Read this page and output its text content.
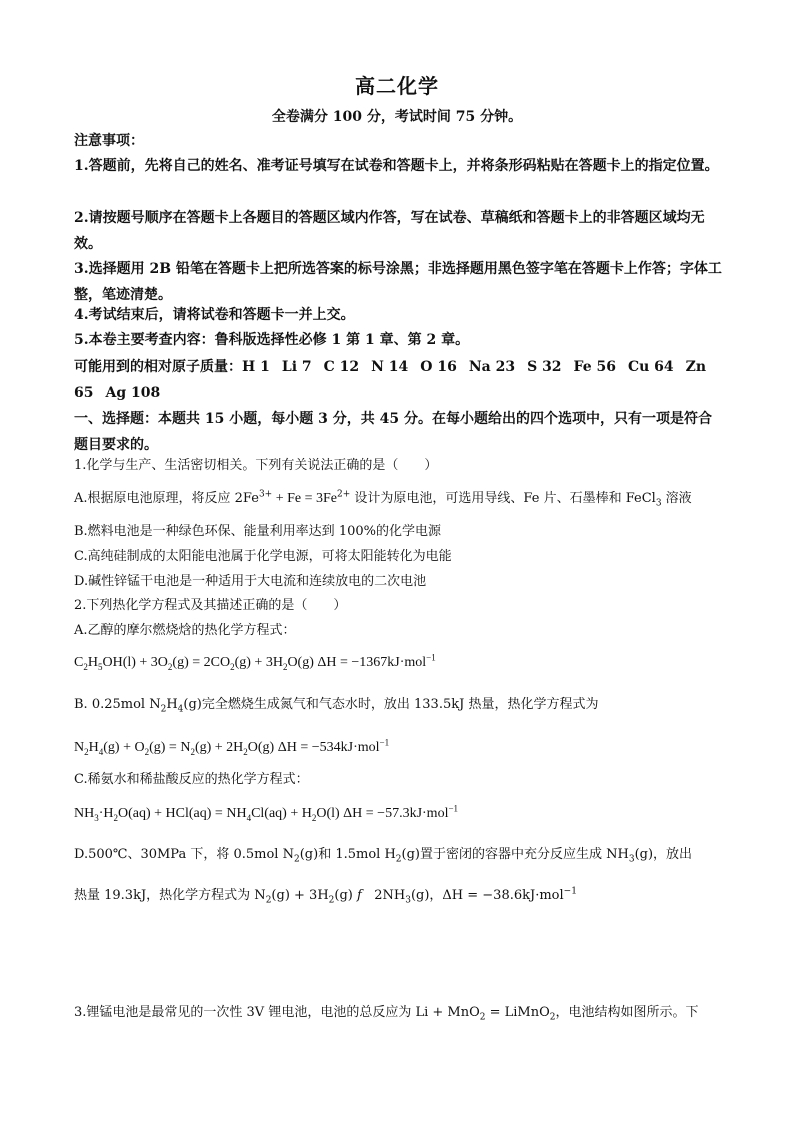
高二化学
全卷满分 100 分，考试时间 75 分钟。
注意事项：
1.答题前，先将自己的姓名、准考证号填写在试卷和答题卡上，并将条形码粘贴在答题卡上的指定位置。
2.请按题号顺序在答题卡上各题目的答题区域内作答，写在试卷、草稿纸和答题卡上的非答题区域均无效。
3.选择题用 2B 铅笔在答题卡上把所选答案的标号涂黑；非选择题用黑色签字笔在答题卡上作答；字体工整，笔迹清楚。
4.考试结束后，请将试卷和答题卡一并上交。
5.本卷主要考查内容：鲁科版选择性必修 1 第 1 章、第 2 章。
可能用到的相对原子质量：H 1 Li 7 C 12 N 14 O 16 Na 23 S 32 Fe 56 Cu 64 Zn 65 Ag 108
一、选择题：本题共 15 小题，每小题 3 分，共 45 分。在每小题给出的四个选项中，只有一项是符合题目要求的。
1.化学与生产、生活密切相关。下列有关说法正确的是（　　）
A.根据原电池原理，将反应 $2Fe^{3+} + Fe = 3Fe^{2+}$ 设计为原电池，可选用导线、Fe 片、石墨棒和 FeCl$_3$ 溶液
B.燃料电池是一种绿色环保、能量利用率达到 100%的化学电源
C.高纯硅制成的太阳能电池属于化学电源，可将太阳能转化为电能
D.碱性锌锰干电池是一种适用于大电流和连续放电的二次电池
2.下列热化学方程式及其描述正确的是（　　）
A.乙醇的摩尔燃烧焓的热化学方程式：
$C_2H_5OH(l) + 3O_2(g) = 2CO_2(g) + 3H_2O(g) \Delta H = -1367kJ\cdot mol^{-1}$
B. 0.25mol $N_2H_4(g)$完全燃烧生成氮气和气态水时，放出 133.5kJ 热量，热化学方程式为
$N_2H_4(g) + O_2(g) = N_2(g) + 2H_2O(g) \Delta H = -534kJ\cdot mol^{-1}$
C.稀氨水和稀盐酸反应的热化学方程式：
$NH_3\cdot H_2O(aq) + HCl(aq) = NH_4Cl(aq) + H_2O(l) \Delta H = -57.3kJ\cdot mol^{-1}$
D.500℃、30MPa 下，将 0.5mol $N_2(g)$和 1.5mol $H_2(g)$置于密闭的容器中充分反应生成 $NH_3(g)$，放出
热量 19.3kJ，热化学方程式为 $N_2(g) + 3H_2(g)$ f   $2NH_3(g)$，ΔH = −38.6kJ·mol$^{-1}$
3.锂锰电池是最常见的一次性 3V 锂电池，电池的总反应为 Li + MnO$_2$ = LiMnO$_2$，电池结构如图所示。下
